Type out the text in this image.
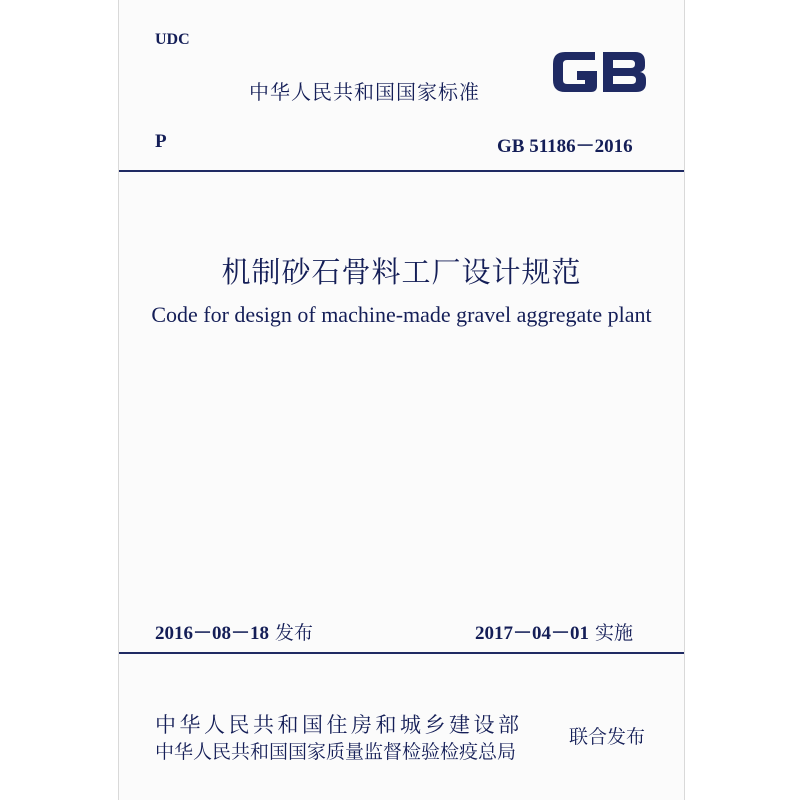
UDC
中华人民共和国国家标准	GB
P	GB 51186－2016
机制砂石骨料工厂设计规范
Code for design of machine-made gravel aggregate plant
2016－08－18 发布	2017－04－01 实施
中华人民共和国住房和城乡建设部
中华人民共和国国家质量监督检验检疫总局
联合发布
